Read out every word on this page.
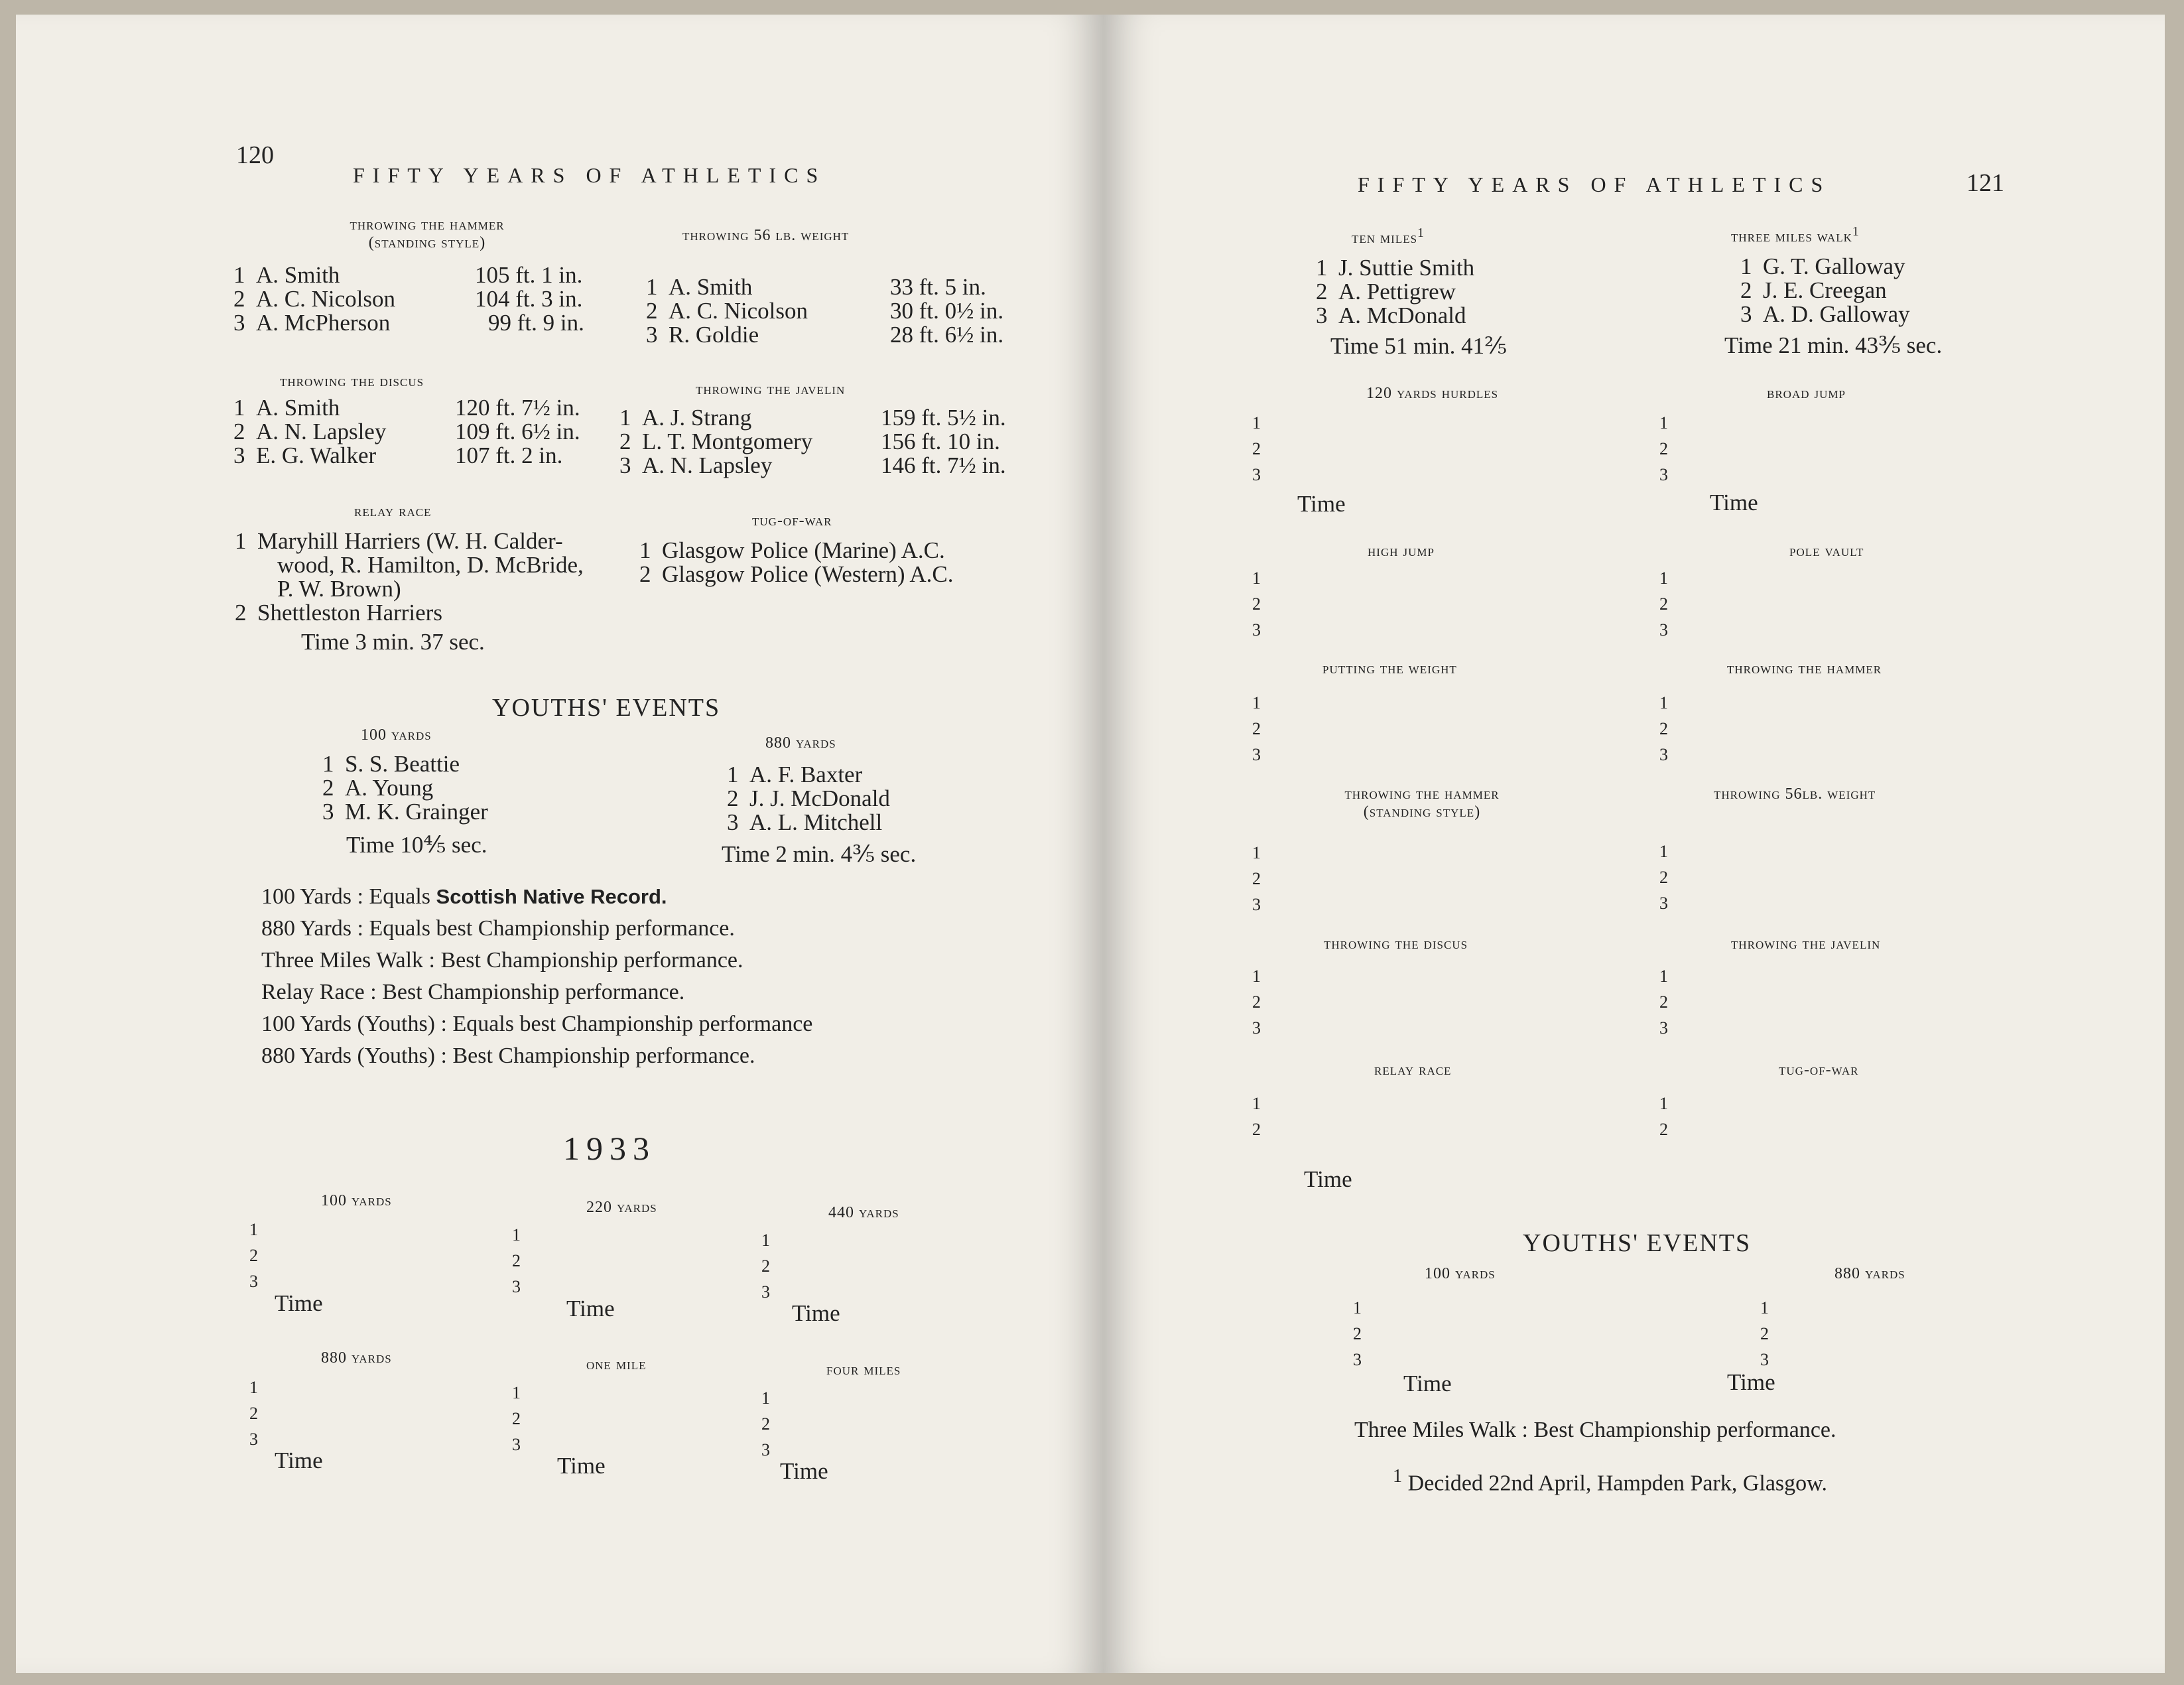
120
FIFTY YEARS OF ATHLETICS
throwing the hammer
(standing style)
1 A. Smith	105 ft. 1 in.
2 A. C. Nicolson	104 ft. 3 in.
3 A. McPherson	99 ft. 9 in.
throwing 56 lb. weight
1 A. Smith	33 ft. 5 in.
2 A. C. Nicolson	30 ft. 0½ in.
3 R. Goldie	28 ft. 6½ in.
throwing the discus
1 A. Smith	120 ft. 7½ in.
2 A. N. Lapsley	109 ft. 6½ in.
3 E. G. Walker	107 ft. 2 in.
throwing the javelin
1 A. J. Strang	159 ft. 5½ in.
2 L. T. Montgomery	156 ft. 10 in.
3 A. N. Lapsley	146 ft. 7½ in.
relay race
1 Maryhill Harriers (W. H. Calder-
wood, R. Hamilton, D. McBride,
P. W. Brown)
2 Shettleston Harriers
Time 3 min. 37 sec.
tug-of-war
1 Glasgow Police (Marine) A.C.
2 Glasgow Police (Western) A.C.
YOUTHS' EVENTS
100 yards
1 S. S. Beattie
2 A. Young
3 M. K. Grainger
Time 10⅘ sec.
880 yards
1 A. F. Baxter
2 J. J. McDonald
3 A. L. Mitchell
Time 2 min. 4⅗ sec.
100 Yards : Equals Scottish Native Record.
880 Yards : Equals best Championship performance.
Three Miles Walk : Best Championship performance.
Relay Race : Best Championship performance.
100 Yards (Youths) : Equals best Championship performance
880 Yards (Youths) : Best Championship performance.
1933
100 yards
1
2
3
Time
220 yards
1
2
3
Time
440 yards
1
2
3
Time
880 yards
1
2
3
Time
one mile
1
2
3
Time
four miles
1
2
3
Time
FIFTY YEARS OF ATHLETICS	121
ten miles$^1$
1 J. Suttie Smith
2 A. Pettigrew
3 A. McDonald
Time 51 min. 41⅖
three miles walk$^1$
1 G. T. Galloway
2 J. E. Creegan
3 A. D. Galloway
Time 21 min. 43⅗ sec.
120 yards hurdles
1
2
3
Time
broad jump
1
2
3
Time
high jump
1
2
3
pole vault
1
2
3
putting the weight
1
2
3
throwing the hammer
1
2
3
throwing the hammer
(standing style)
1
2
3
throwing 56lb. weight
1
2
3
throwing the discus
1
2
3
throwing the javelin
1
2
3
relay race
1
2
tug-of-war
1
2
Time
YOUTHS' EVENTS
100 yards
1
2
3
Time
880 yards
1
2
3
Time
Three Miles Walk : Best Championship performance.
$^1$ Decided 22nd April, Hampden Park, Glasgow.
